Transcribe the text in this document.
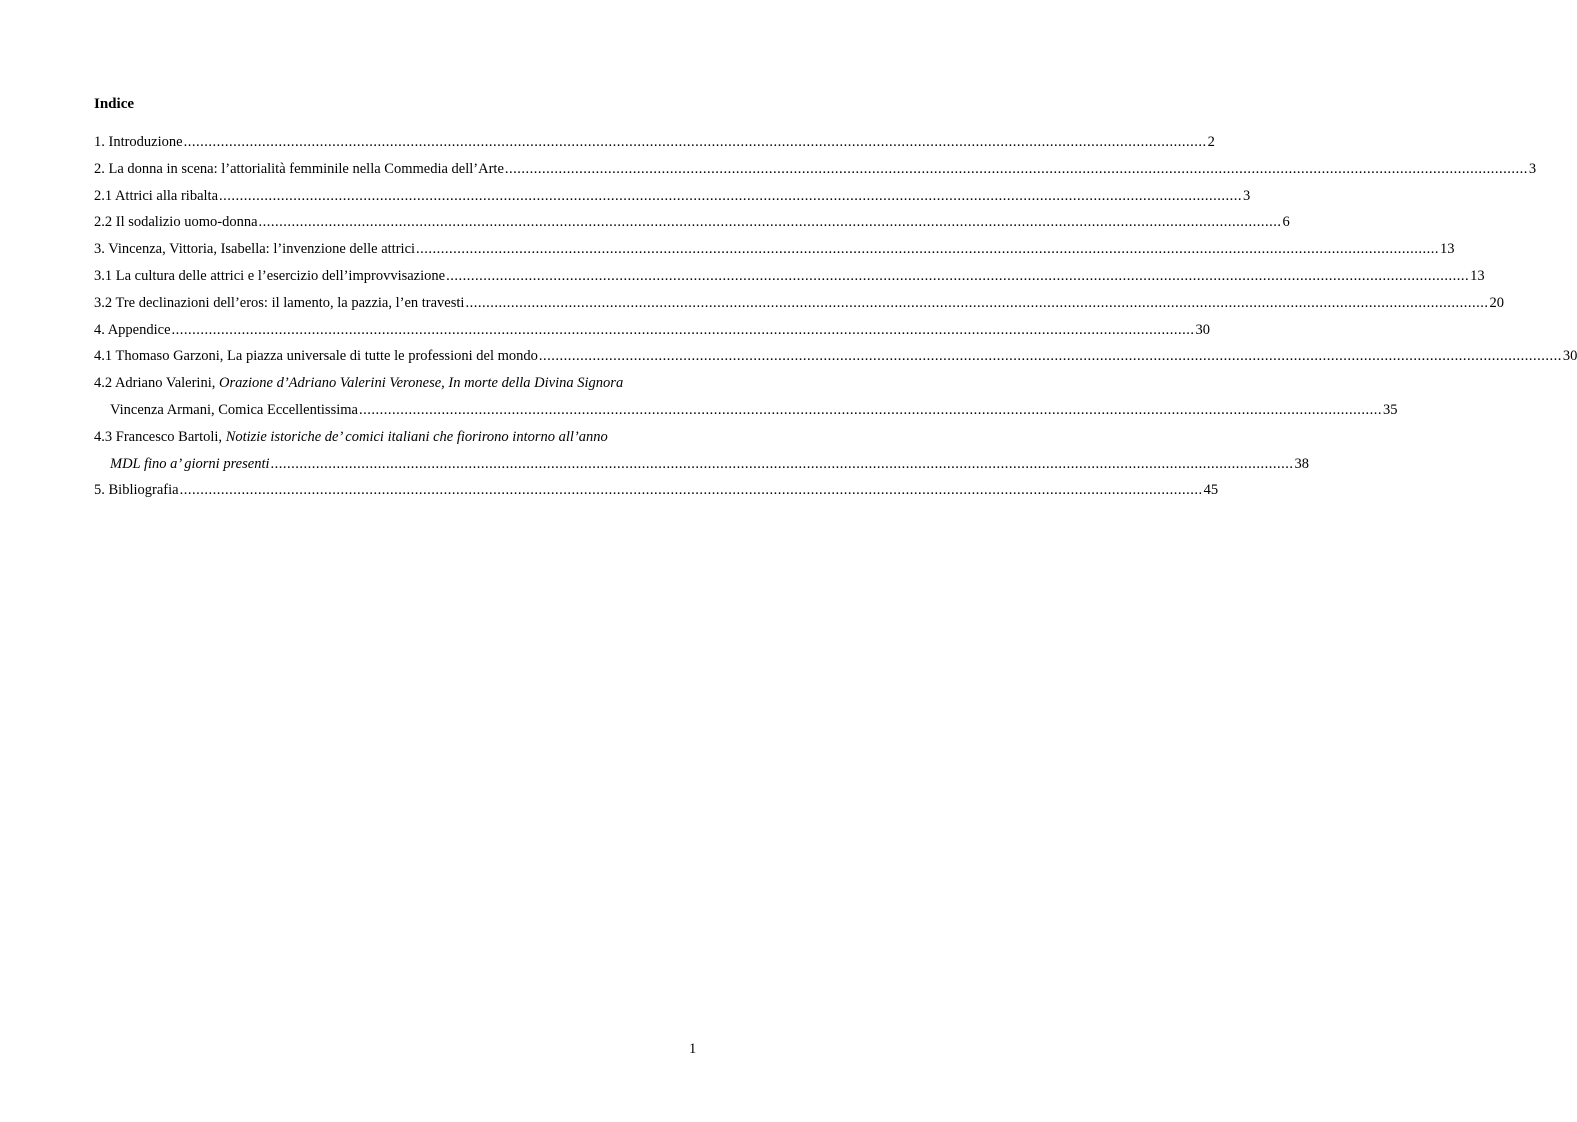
Indice
1. Introduzione .....	2
2. La donna in scena: l’attorialità femminile nella Commedia dell’Arte .....	3
2.1 Attrici alla ribalta .....	3
2.2 Il sodalizio uomo-donna .....	6
3. Vincenza, Vittoria, Isabella: l’invenzione delle attrici .....	13
3.1 La cultura delle attrici e l’esercizio dell’improvvisazione .....	13
3.2 Tre declinazioni dell’eros: il lamento, la pazzia, l’en travesti .....	20
4. Appendice .....	30
4.1 Thomaso Garzoni, La piazza universale di tutte le professioni del mondo .....	30
4.2 Adriano Valerini, Orazione d’Adriano Valerini Veronese, In morte della Divina Signora
Vincenza Armani, Comica Eccellentissima .....	35
4.3 Francesco Bartoli, Notizie istoriche de’ comici italiani che fiorirono intorno all’anno
MDL fino a’ giorni presenti .....	38
5. Bibliografia .....	45
1
